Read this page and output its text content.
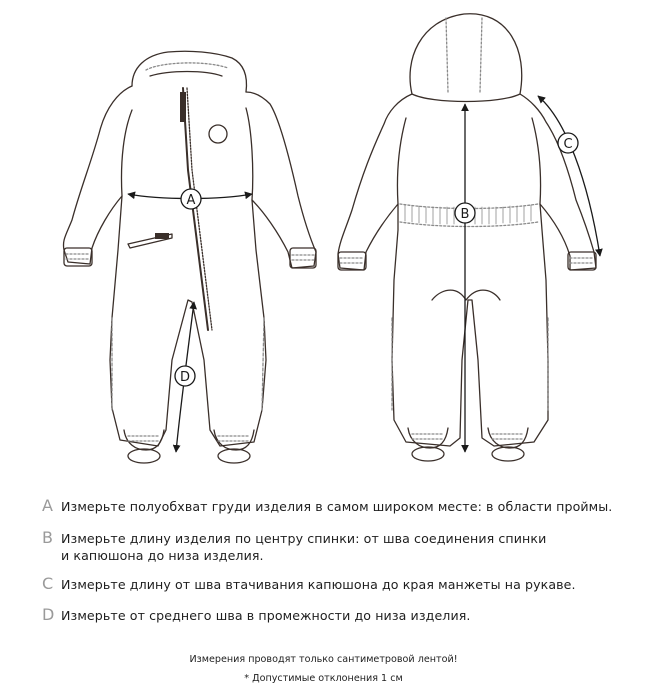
A
D
B
C
A Измерьте полуобхват груди изделия в самом широком месте: в области проймы.
B Измерьте длину изделия по центру спинки: от шва соединения спинки
и капюшона до низа изделия.
C Измерьте длину от шва втачивания капюшона до края манжеты на рукаве.
D Измерьте от среднего шва в промежности до низа изделия.
Измерения проводят только сантиметровой лентой!
* Допустимые отклонения 1 см
